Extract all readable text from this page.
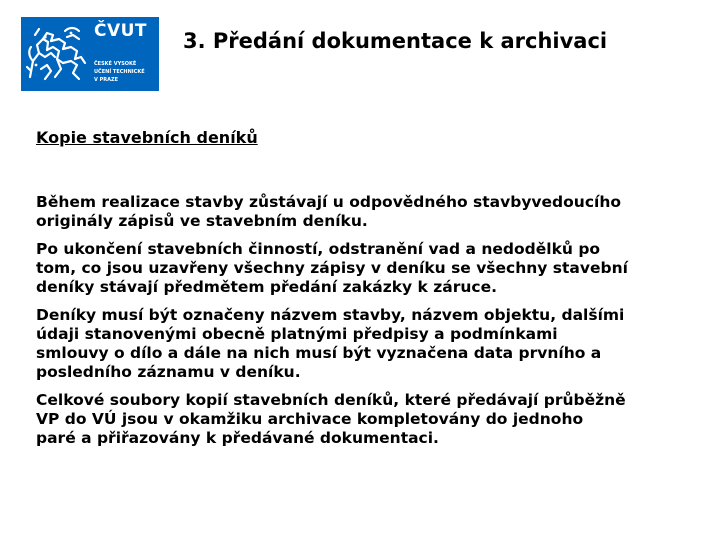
ČVUT
ČESKÉ VYSOKÉ
UČENÍ TECHNICKÉ
V PRAZE
3. Předání dokumentace k archivaci
Kopie stavebních deníků

Během realizace stavby zůstávají u odpovědného stavbyvedoucího
originály zápisů ve stavebním deníku.

Po ukončení stavebních činností, odstranění vad a nedodělků po
tom, co jsou uzavřeny všechny zápisy v deníku se všechny stavební
deníky stávají předmětem předání zakázky k záruce.

Deníky musí být označeny názvem stavby, názvem objektu, dalšími
údaji stanovenými obecně platnými předpisy a podmínkami
smlouvy o dílo a dále na nich musí být vyznačena data prvního a
posledního záznamu v deníku.

Celkové soubory kopií stavebních deníků, které předávají průběžně
VP do VÚ jsou v okamžiku archivace kompletovány do jednoho
paré a přiřazovány k předávané dokumentaci.
